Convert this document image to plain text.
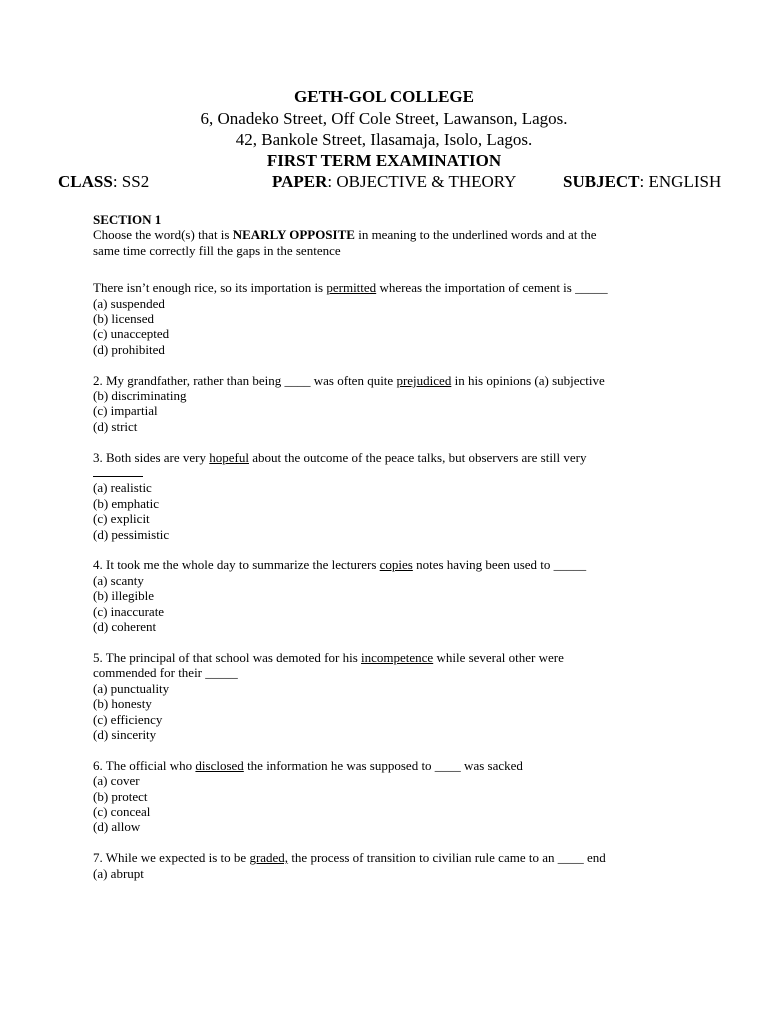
GETH-GOL COLLEGE
6, Onadeko Street, Off Cole Street, Lawanson, Lagos.
42, Bankole Street, Ilasamaja, Isolo, Lagos.
FIRST TERM EXAMINATION
CLASS: SS2	PAPER: OBJECTIVE & THEORY	SUBJECT: ENGLISH
SECTION 1
Choose the word(s) that is NEARLY OPPOSITE in meaning to the underlined words and at the
same time correctly fill the gaps in the sentence
There isn’t enough rice, so its importation is permitted whereas the importation of cement is _____
(a) suspended
(b) licensed
(c) unaccepted
(d) prohibited
2. My grandfather, rather than being ____ was often quite prejudiced in his opinions (a) subjective
(b) discriminating
(c) impartial
(d) strict
3. Both sides are very hopeful about the outcome of the peace talks, but observers are still very
(a) realistic
(b) emphatic
(c) explicit
(d) pessimistic
4. It took me the whole day to summarize the lecturers copies notes having been used to _____
(a) scanty
(b) illegible
(c) inaccurate
(d) coherent
5. The principal of that school was demoted for his incompetence while several other were
commended for their _____
(a) punctuality
(b) honesty
(c) efficiency
(d) sincerity
6. The official who disclosed the information he was supposed to ____ was sacked
(a) cover
(b) protect
(c) conceal
(d) allow
7. While we expected is to be graded, the process of transition to civilian rule came to an ____ end
(a) abrupt
